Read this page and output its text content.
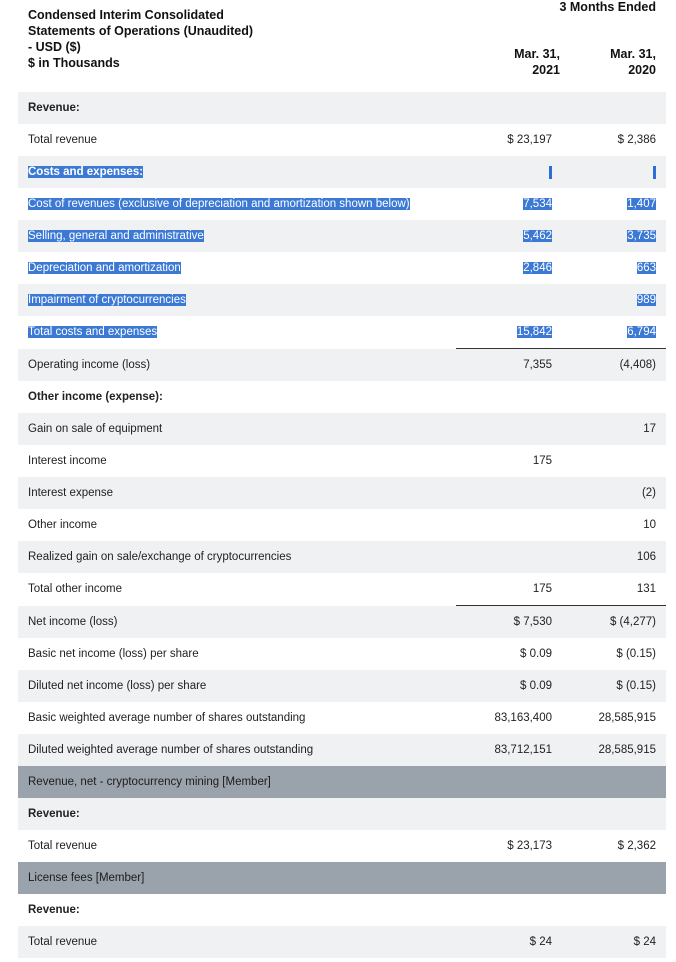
Condensed Interim Consolidated
Statements of Operations (Unaudited)
- USD ($)
$ in Thousands
3 Months Ended
Mar. 31,
2021
Mar. 31,
2020
Revenue:		
Total revenue	$ 23,197	$ 2,386
Costs and expenses:		
Cost of revenues (exclusive of depreciation and amortization shown below)	7,534	1,407
Selling, general and administrative	5,462	3,735
Depreciation and amortization	2,846	663
Impairment of cryptocurrencies		989
Total costs and expenses	15,842	6,794
Operating income (loss)	7,355	(4,408)
Other income (expense):		
Gain on sale of equipment		17
Interest income	175	
Interest expense		(2)
Other income		10
Realized gain on sale/exchange of cryptocurrencies		106
Total other income	175	131
Net income (loss)	$ 7,530	$ (4,277)
Basic net income (loss) per share	$ 0.09	$ (0.15)
Diluted net income (loss) per share	$ 0.09	$ (0.15)
Basic weighted average number of shares outstanding	83,163,400	28,585,915
Diluted weighted average number of shares outstanding	83,712,151	28,585,915
Revenue, net - cryptocurrency mining [Member]		
Revenue:		
Total revenue	$ 23,173	$ 2,362
License fees [Member]		
Revenue:		
Total revenue	$ 24	$ 24
